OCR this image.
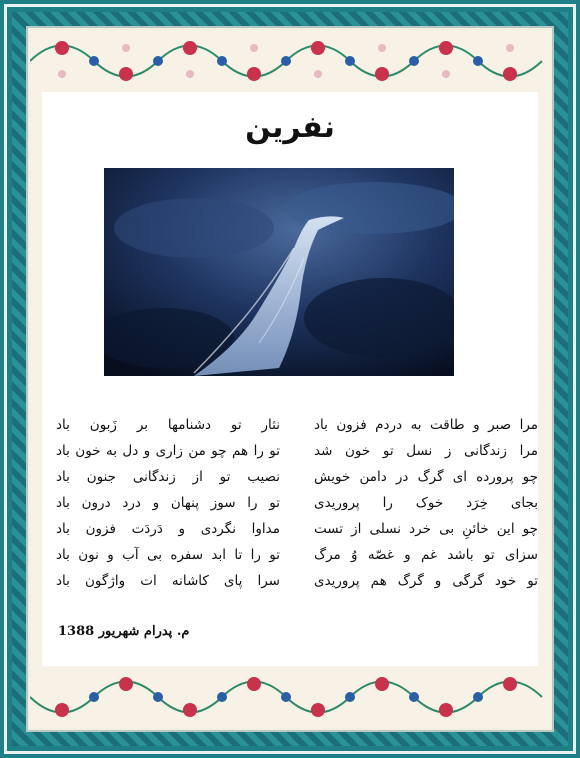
نفرین
مرا صبر و طاقت به دردم فزون باد
مرا زندگانی ز نسل تو خون شد
چو پرورده ای گرگ در دامن خویش
بجای خِرَد خوک را پروریدی
چو این خائنِ بی خرد نسلی از تست
سزای تو باشد غم و غصّه وُ مرگ
تو خود گرگی و گرگ هم پروریدی
نثار تو دشنامها بر زَبون باد
تو را هم چو من زاری و دل به خون باد
نصیب تو از زندگانی جنون باد
تو را سوز پنهان و درد درون باد
مداوا نگردی و دَردَت فزون باد
تو را تا ابد سفره بی آب و نون باد
سرا پای کاشانه ات واژگون باد
م. پدرام شهریور 1388
